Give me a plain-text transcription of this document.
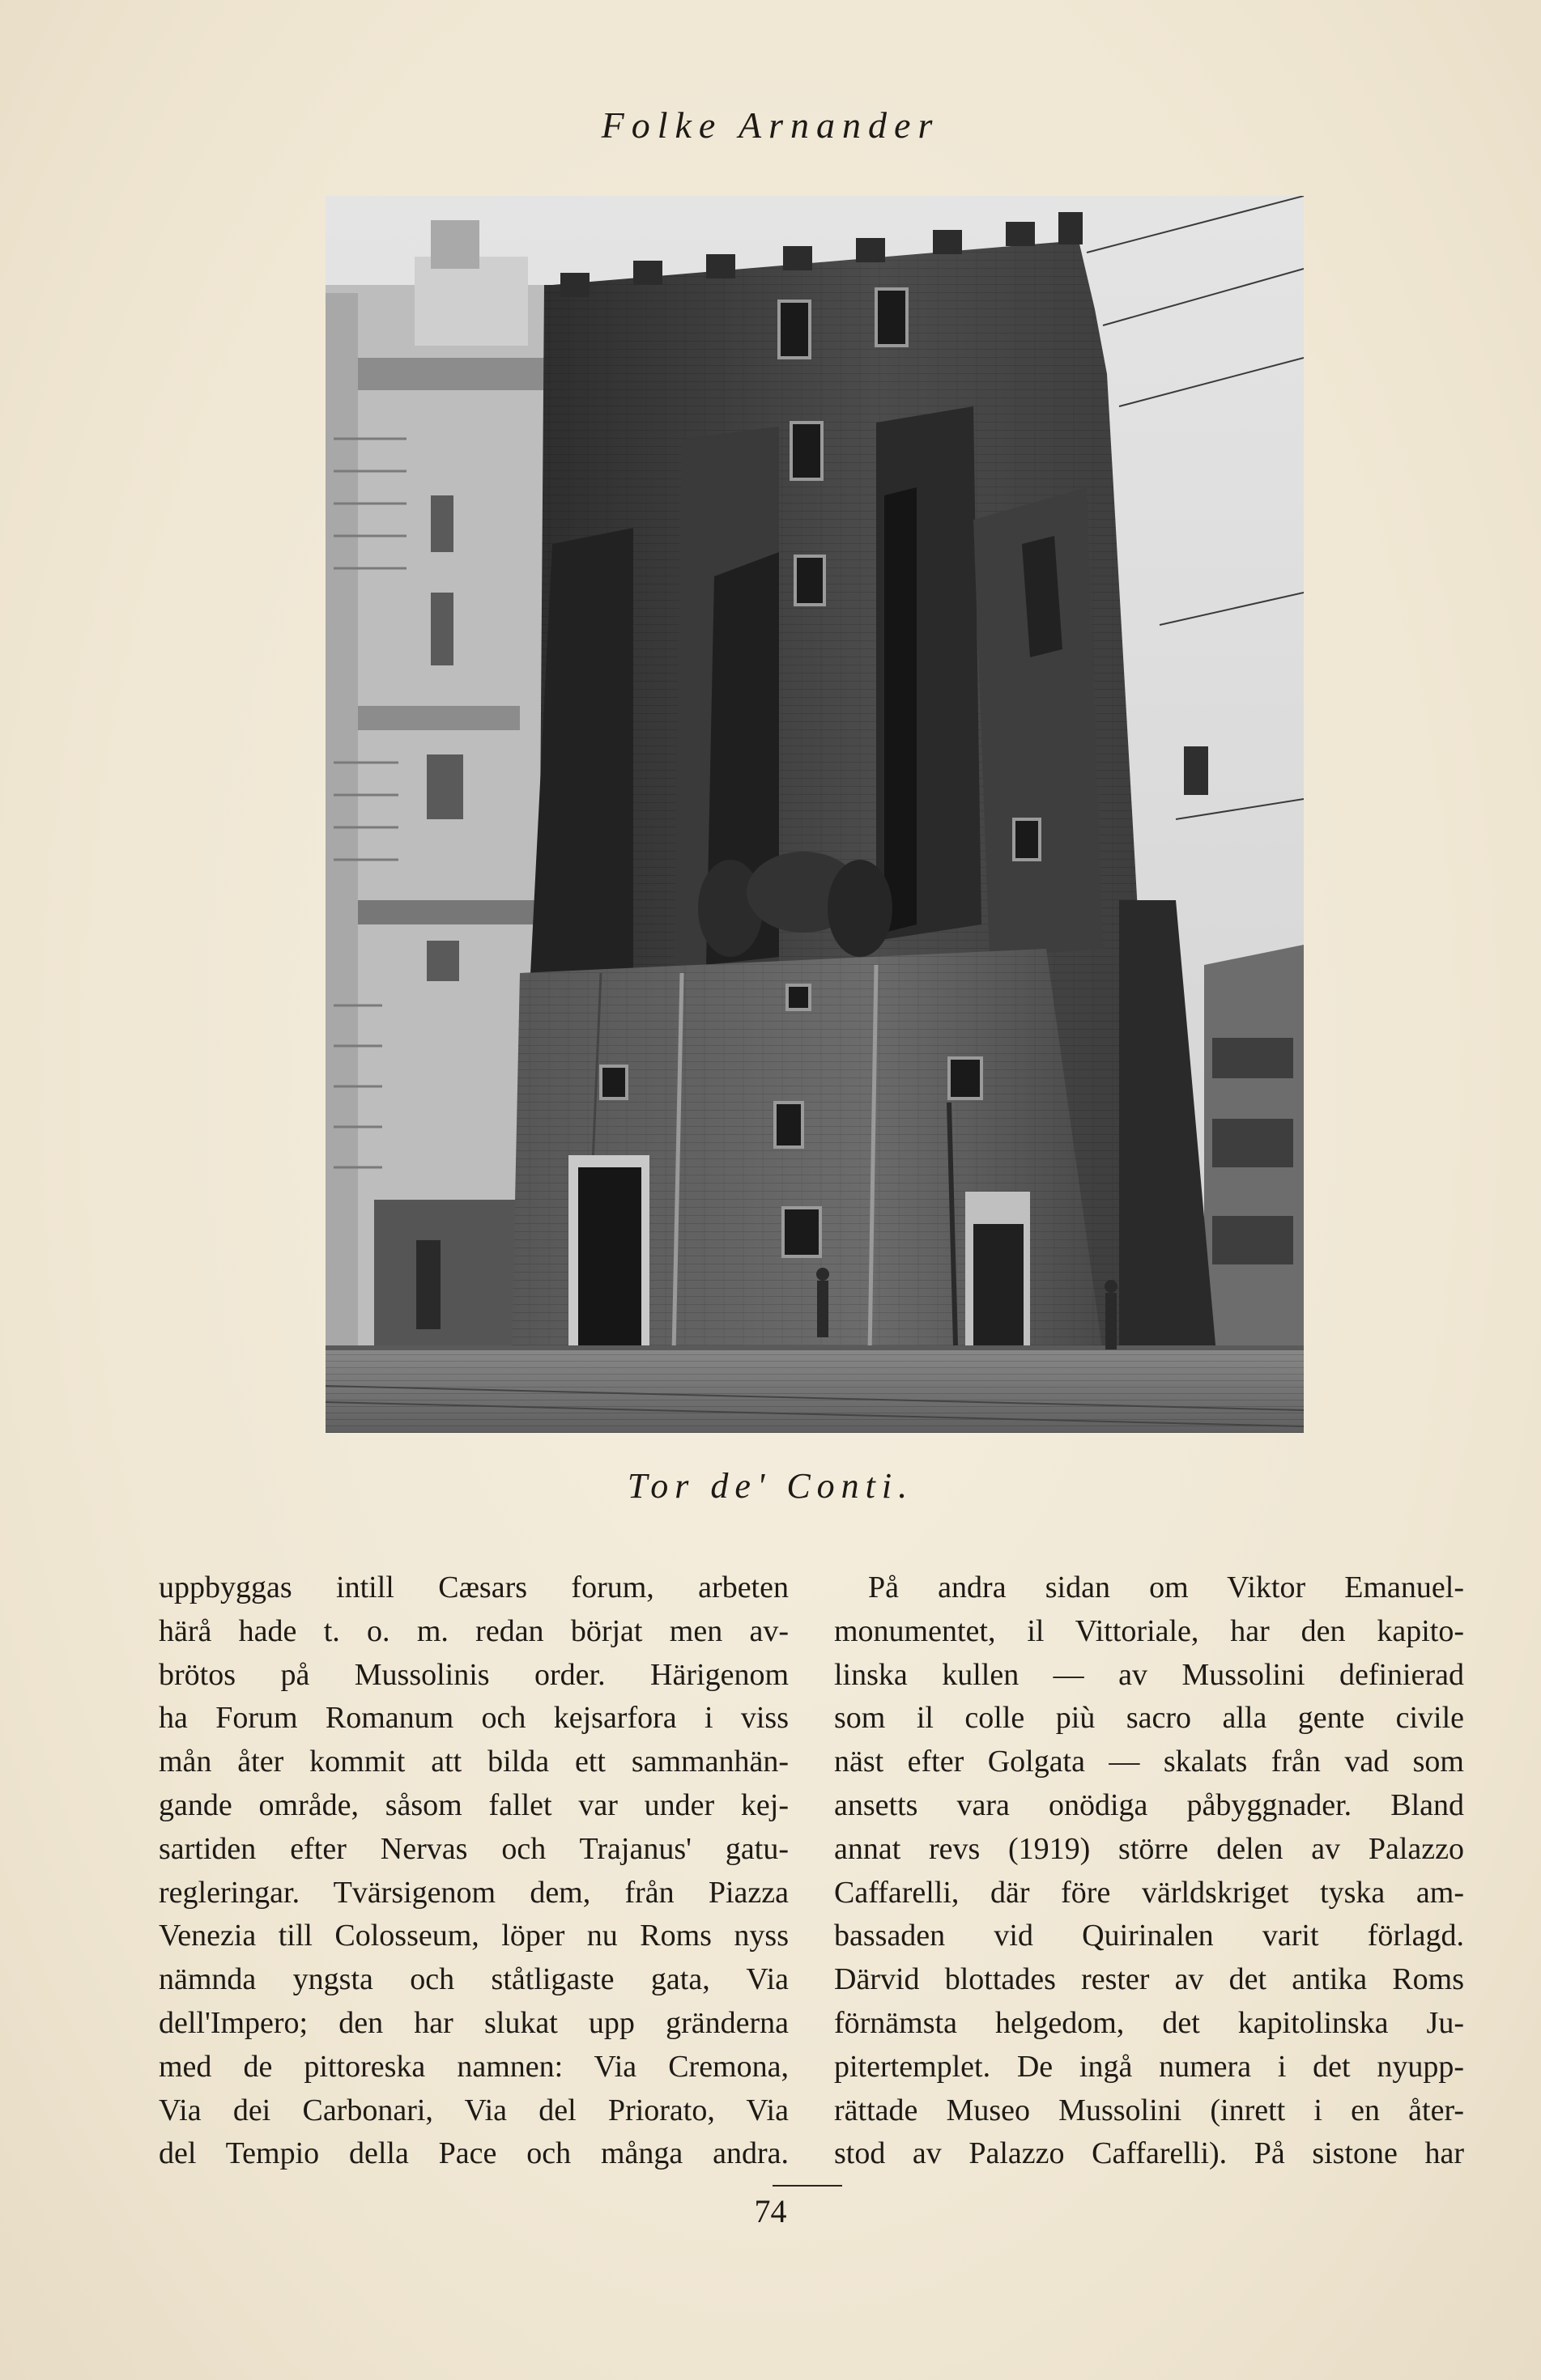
Folke Arnander
Tor de' Conti.
uppbyggas intill Cæsars forum, arbeten
härå hade t. o. m. redan börjat men av-
brötos på Mussolinis order. Härigenom
ha Forum Romanum och kejsarfora i viss
mån åter kommit att bilda ett sammanhän-
gande område, såsom fallet var under kej-
sartiden efter Nervas och Trajanus' gatu-
regleringar. Tvärsigenom dem, från Piazza
Venezia till Colosseum, löper nu Roms nyss
nämnda yngsta och ståtligaste gata, Via
dell'Impero; den har slukat upp gränderna
med de pittoreska namnen: Via Cremona,
Via dei Carbonari, Via del Priorato, Via
del Tempio della Pace och många andra.
På andra sidan om Viktor Emanuel-
monumentet, il Vittoriale, har den kapito-
linska kullen — av Mussolini definierad
som il colle più sacro alla gente civile
näst efter Golgata — skalats från vad som
ansetts vara onödiga påbyggnader. Bland
annat revs (1919) större delen av Palazzo
Caffarelli, där före världskriget tyska am-
bassaden vid Quirinalen varit förlagd.
Därvid blottades rester av det antika Roms
förnämsta helgedom, det kapitolinska Ju-
pitertemplet. De ingå numera i det nyupp-
rättade Museo Mussolini (inrett i en åter-
stod av Palazzo Caffarelli). På sistone har
74
